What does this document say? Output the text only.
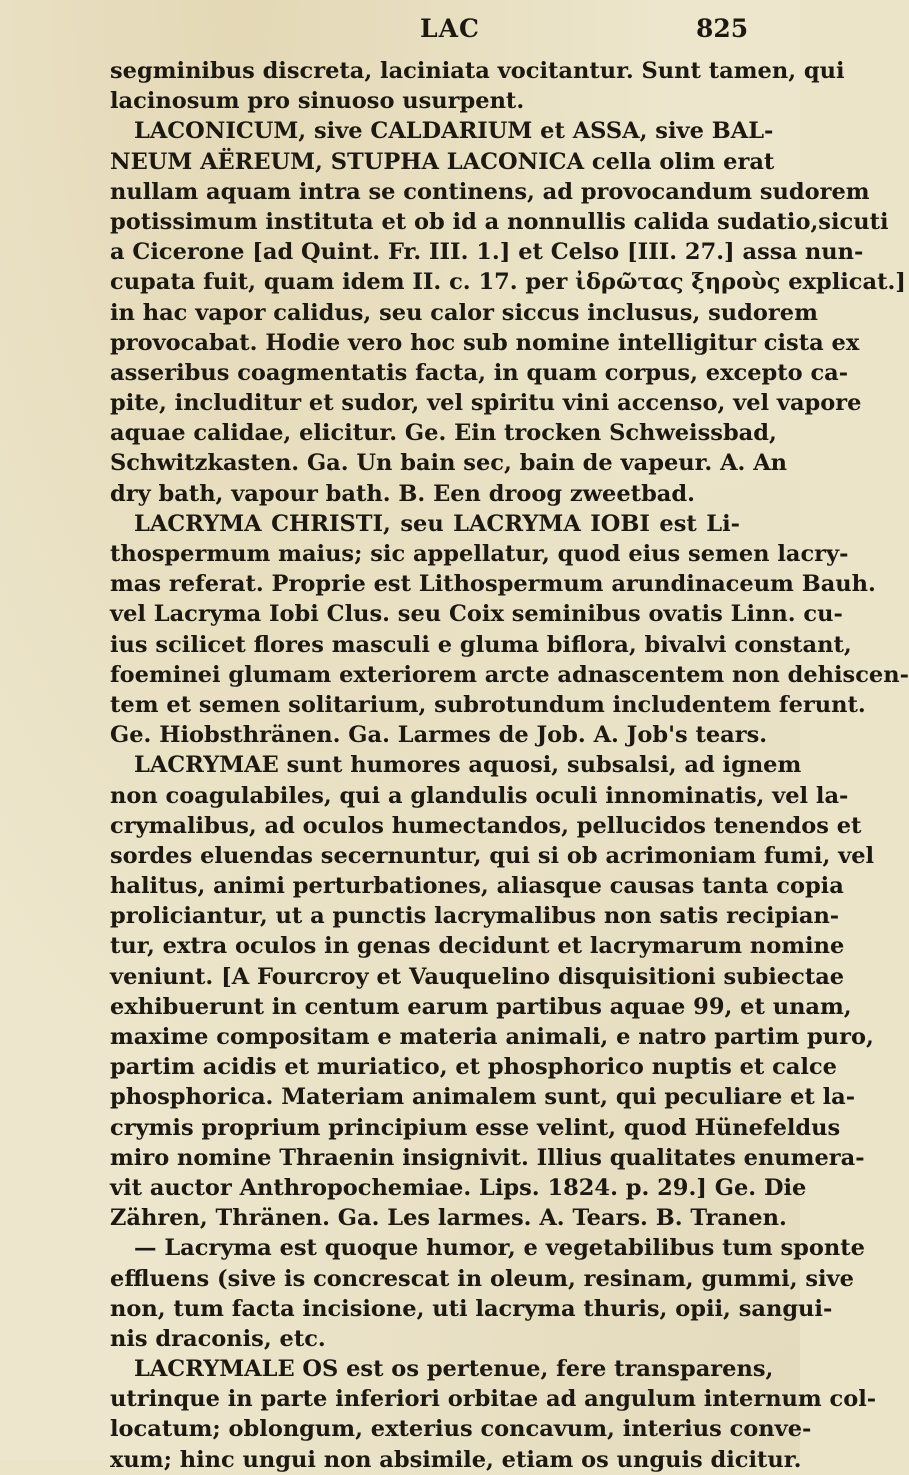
LAC	825
segminibus discreta, laciniata vocitantur. Sunt tamen, qui
lacinosum pro sinuoso usurpent.
LACONICUM, sive CALDARIUM et ASSA, sive BAL-
NEUM AËREUM, STUPHA LACONICA cella olim erat
nullam aquam intra se continens, ad provocandum sudorem
potissimum instituta et ob id a nonnullis calida sudatio,sicuti
a Cicerone [ad Quint. Fr. III. 1.] et Celso [III. 27.] assa nun-
cupata fuit, quam idem II. c. 17. per ἰδρῶτας ξηροὺς explicat.]
in hac vapor calidus, seu calor siccus inclusus, sudorem
provocabat. Hodie vero hoc sub nomine intelligitur cista ex
asseribus coagmentatis facta, in quam corpus, excepto ca-
pite, includitur et sudor, vel spiritu vini accenso, vel vapore
aquae calidae, elicitur. Ge. Ein trocken Schweissbad,
Schwitzkasten. Ga. Un bain sec, bain de vapeur. A. An
dry bath, vapour bath. B. Een droog zweetbad.
LACRYMA CHRISTI, seu LACRYMA IOBI est Li-
thospermum maius; sic appellatur, quod eius semen lacry-
mas referat. Proprie est Lithospermum arundinaceum Bauh.
vel Lacryma Iobi Clus. seu Coix seminibus ovatis Linn. cu-
ius scilicet flores masculi e gluma biflora, bivalvi constant,
foeminei glumam exteriorem arcte adnascentem non dehiscen-
tem et semen solitarium, subrotundum includentem ferunt.
Ge. Hiobsthränen. Ga. Larmes de Job. A. Job's tears.
LACRYMAE sunt humores aquosi, subsalsi, ad ignem
non coagulabiles, qui a glandulis oculi innominatis, vel la-
crymalibus, ad oculos humectandos, pellucidos tenendos et
sordes eluendas secernuntur, qui si ob acrimoniam fumi, vel
halitus, animi perturbationes, aliasque causas tanta copia
proliciantur, ut a punctis lacrymalibus non satis recipian-
tur, extra oculos in genas decidunt et lacrymarum nomine
veniunt. [A Fourcroy et Vauquelino disquisitioni subiectae
exhibuerunt in centum earum partibus aquae 99, et unam,
maxime compositam e materia animali, e natro partim puro,
partim acidis et muriatico, et phosphorico nuptis et calce
phosphorica. Materiam animalem sunt, qui peculiare et la-
crymis proprium principium esse velint, quod Hünefeldus
miro nomine Thraenin insignivit. Illius qualitates enumera-
vit auctor Anthropochemiae. Lips. 1824. p. 29.] Ge. Die
Zähren, Thränen. Ga. Les larmes. A. Tears. B. Tranen.
— Lacryma est quoque humor, e vegetabilibus tum sponte
effluens (sive is concrescat in oleum, resinam, gummi, sive
non, tum facta incisione, uti lacryma thuris, opii, sangui-
nis draconis, etc.
LACRYMALE OS est os pertenue, fere transparens,
utrinque in parte inferiori orbitae ad angulum internum col-
locatum; oblongum, exterius concavum, interius conve-
xum; hinc ungui non absimile, etiam os unguis dicitur.
